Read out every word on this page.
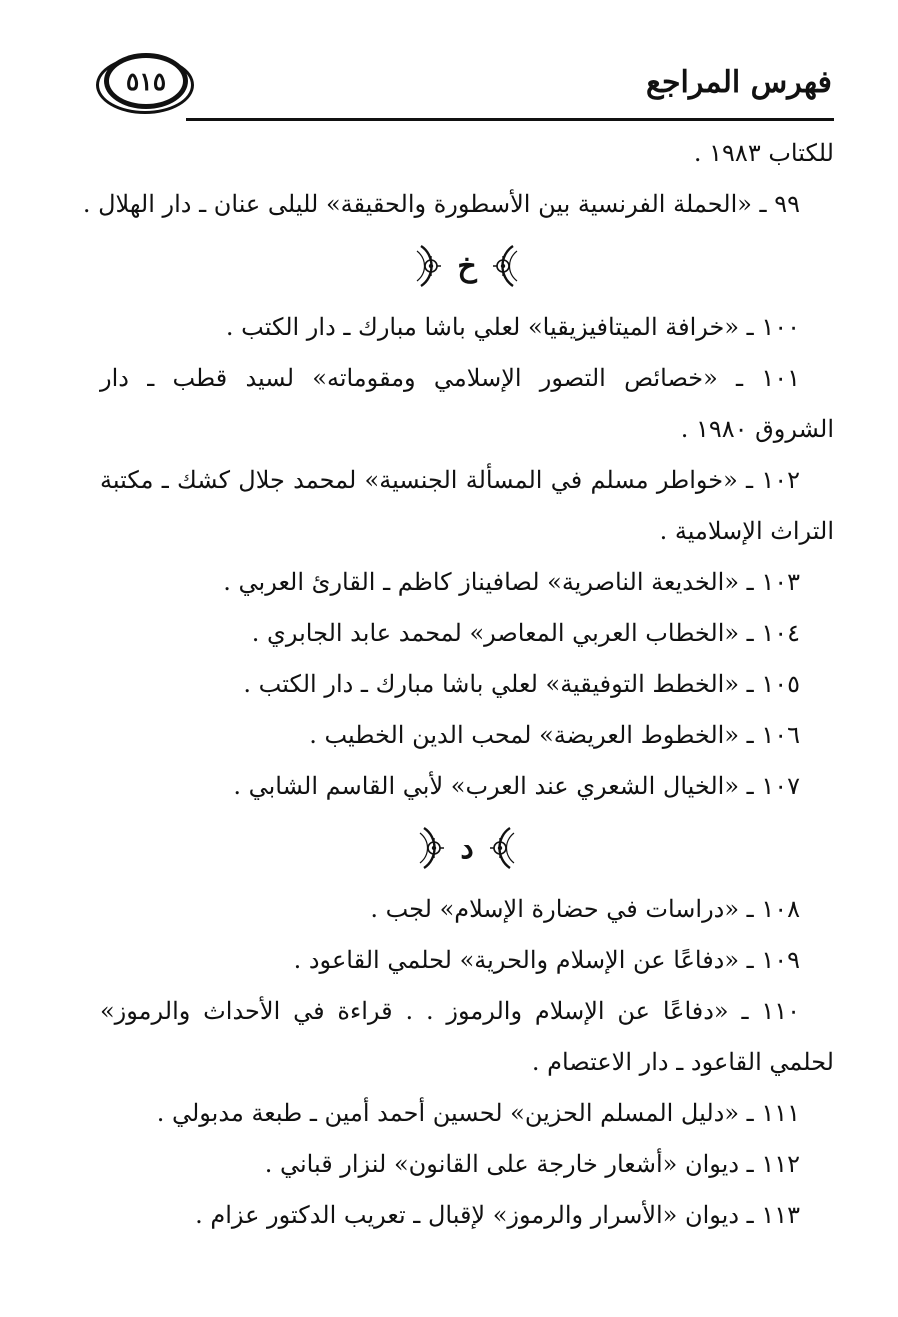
٥١٥	فهرس المراجع
للكتاب ١٩٨٣ .
٩٩ ـ «الحملة الفرنسية بين الأسطورة والحقيقة» لليلى عنان ـ دار الهلال .
خ
١٠٠ ـ «خرافة الميتافيزيقيا» لعلي باشا مبارك ـ دار الكتب .
١٠١ ـ «خصائص التصور الإسلامي ومقوماته» لسيد قطب ـ دار
الشروق ١٩٨٠ .
١٠٢ ـ «خواطر مسلم في المسألة الجنسية» لمحمد جلال كشك ـ مكتبة
التراث الإسلامية .
١٠٣ ـ «الخديعة الناصرية» لصافيناز كاظم ـ القارئ العربي .
١٠٤ ـ «الخطاب العربي المعاصر» لمحمد عابد الجابري .
١٠٥ ـ «الخطط التوفيقية» لعلي باشا مبارك ـ دار الكتب .
١٠٦ ـ «الخطوط العريضة» لمحب الدين الخطيب .
١٠٧ ـ «الخيال الشعري عند العرب» لأبي القاسم الشابي .
د
١٠٨ ـ «دراسات في حضارة الإسلام» لجب .
١٠٩ ـ «دفاعًا عن الإسلام والحرية» لحلمي القاعود .
١١٠ ـ «دفاعًا عن الإسلام والرموز . . قراءة في الأحداث والرموز»
لحلمي القاعود ـ دار الاعتصام .
١١١ ـ «دليل المسلم الحزين» لحسين أحمد أمين ـ طبعة مدبولي .
١١٢ ـ ديوان «أشعار خارجة على القانون» لنزار قباني .
١١٣ ـ ديوان «الأسرار والرموز» لإقبال ـ تعريب الدكتور عزام .
